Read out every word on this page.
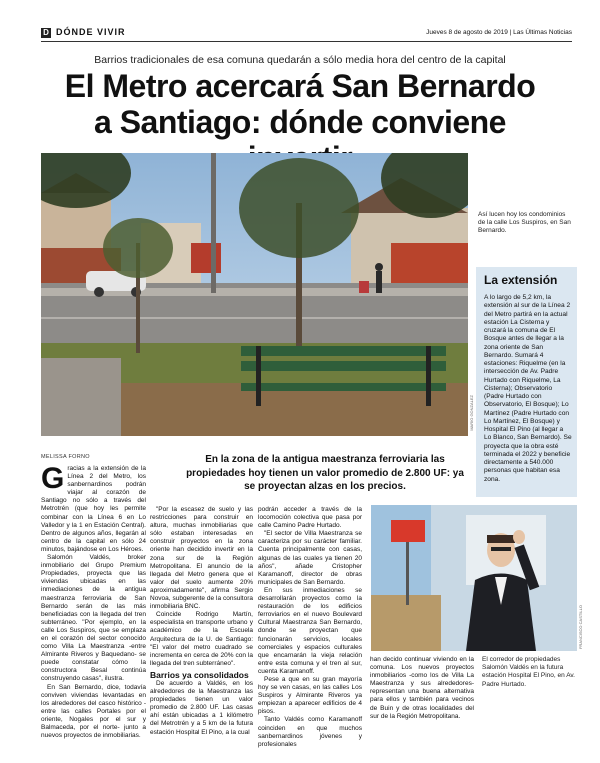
D DÓNDE VIVIR	Jueves 8 de agosto de 2019 | Las Últimas Noticias
Barrios tradicionales de esa comuna quedarán a sólo media hora del centro de la capital
El Metro acercará San Bernardo a Santiago: dónde conviene
MARIO GONZALEZ
Así lucen hoy los condominios de la calle Los Suspiros, en San Bernardo.
La extensión
A lo largo de 5,2 km, la extensión al sur de la Línea 2 del Metro partirá en la actual estación La Cisterna y cruzará la comuna de El Bosque antes de llegar a la zona oriente de San Bernardo. Sumará 4 estaciones: Riquelme (en la intersección de Av. Padre Hurtado con Riquelme, La Cisterna); Observatorio (Padre Hurtado con Observatorio, El Bosque); Lo Martínez (Padre Hurtado con Lo Martínez, El Bosque) y Hospital El Pino (al llegar a Lo Blanco, San Bernardo). Se proyecta que la obra esté terminada el 2022 y beneficie directamente a 540.000 personas que habitan esa zona.
MELISSA FORNO	En la zona de la antigua maestranza ferroviaria las propiedades hoy tienen un valor promedio de 2.800 UF: ya se proyectan alzas en los precios.

Gracias a la extensión de la Línea 2 del Metro, los sanbernardinos podrán viajar al corazón de Santiago no sólo a través del Metrotrén (que hoy les permite combinar con la Línea 6 en Lo Valledor y la 1 en Estación Central). Dentro de algunos años, llegarán al centro de la capital en sólo 24 minutos, bajándose en Los Héroes.

Salomón Valdés, broker inmobiliario del Grupo Premium Propiedades, proyecta que las viviendas ubicadas en las inmediaciones de la antigua maestranza ferroviaria de San Bernardo serán de las más beneficiadas con la llegada del tren subterráneo. "Por ejemplo, en la calle Los Suspiros, que se emplaza en el corazón del sector conocido como Villa La Maestranza -entre Almirante Riveros y Baquedano- se puede constatar cómo la constructora Besal continúa construyendo casas", ilustra.

En San Bernardo, dice, todavía conviven viviendas levantadas en los alrededores del casco histórico -entre las calles Portales por el oriente, Nogales por el sur y Balmaceda, por el norte- junto a nuevos proyectos de inmobiliarias.

"Por la escasez de suelo y las restricciones para construir en altura, muchas inmobiliarias que sólo estaban interesadas en construir proyectos en la zona oriente han decidido invertir en la zona sur de la Región Metropolitana. El anuncio de la llegada del Metro genera que el valor del suelo aumente 20% aproximadamente", afirma Sergio Novoa, subgerente de la consultora inmobiliaria BNC.

Coincide Rodrigo Martín, especialista en transporte urbano y académico de la Escuela Arquitectura de la U. de Santiago: "El valor del metro cuadrado se incrementa en cerca de 20% con la llegada del tren subterráneo".

Barrios ya consolidados

De acuerdo a Valdés, en los alrededores de la Maestranza las propiedades tienen un valor promedio de 2.800 UF. Las casas ahí están ubicadas a 1 kilómetro del Metrotrén y a 5 km de la futura estación Hospital El Pino, a la cual

podrán acceder a través de la locomoción colectiva que pasa por calle Camino Padre Hurtado.

"El sector de Villa Maestranza se caracteriza por su carácter familiar. Cuenta principalmente con casas, algunas de las cuales ya tienen 20 años", añade Cristopher Karamanoff, director de obras municipales de San Bernardo.

En sus inmediaciones se desarrollarán proyectos como la restauración de los edificios ferroviarios en el nuevo Boulevard Cultural Maestranza San Bernardo, donde se proyectan que funcionarán servicios, locales comerciales y espacios culturales que encarnarán la vieja relación entre esta comuna y el tren al sur, cuenta Karamanoff.

Pese a que en su gran mayoría hoy se ven casas, en las calles Los Suspiros y Almirante Riveros ya empiezan a aparecer edificios de 4 pisos.

Tanto Valdés como Karamanoff coinciden en que muchos sanbernardinos jóvenes y profesionales

FRANCISCO CASTILLO

han decido continuar viviendo en la comuna. Los nuevos proyectos inmobiliarios -como los de Villa La Maestranza y sus alrededores- representan una buena alternativa para ellos y también para vecinos de Buin y de otras localidades del sur de la Región Metropolitana.

El corredor de propiedades Salomón Valdés en la futura estación Hospital El Pino, en Av. Padre Hurtado.
